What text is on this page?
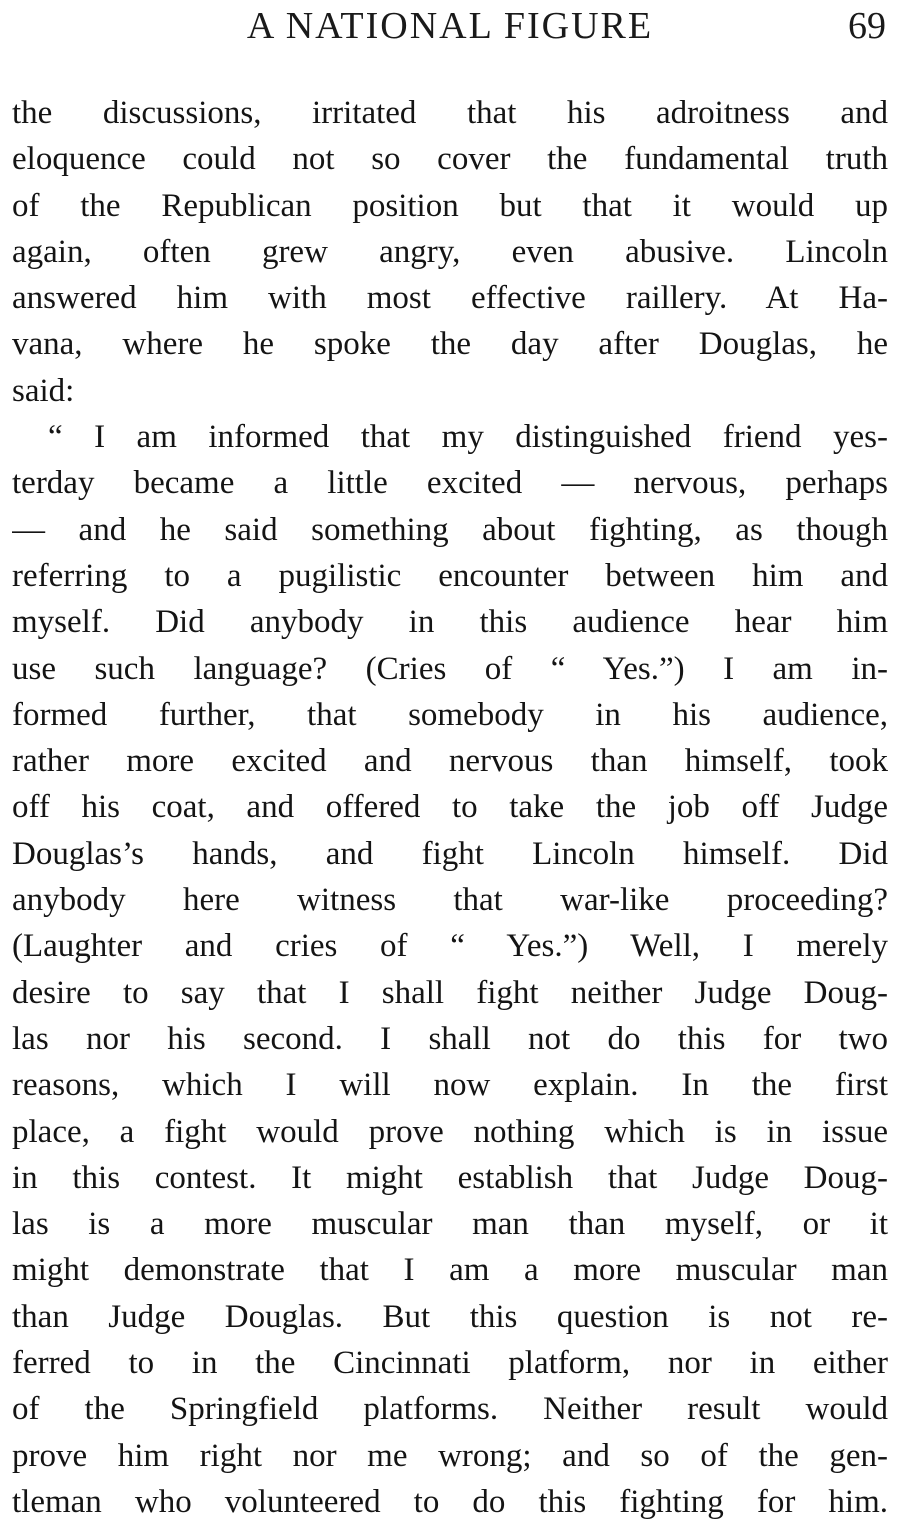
A NATIONAL FIGURE	69
the discussions, irritated that his adroitness and
eloquence could not so cover the fundamental truth
of the Republican position but that it would up
again, often grew angry, even abusive. Lincoln
answered him with most effective raillery. At Ha-
vana, where he spoke the day after Douglas, he
said:
“ I am informed that my distinguished friend yes-
terday became a little excited — nervous, perhaps
— and he said something about fighting, as though
referring to a pugilistic encounter between him and
myself. Did anybody in this audience hear him
use such language? (Cries of “ Yes.”) I am in-
formed further, that somebody in his audience,
rather more excited and nervous than himself, took
off his coat, and offered to take the job off Judge
Douglas’s hands, and fight Lincoln himself. Did
anybody here witness that war-like proceeding?
(Laughter and cries of “ Yes.”) Well, I merely
desire to say that I shall fight neither Judge Doug-
las nor his second. I shall not do this for two
reasons, which I will now explain. In the first
place, a fight would prove nothing which is in issue
in this contest. It might establish that Judge Doug-
las is a more muscular man than myself, or it
might demonstrate that I am a more muscular man
than Judge Douglas. But this question is not re-
ferred to in the Cincinnati platform, nor in either
of the Springfield platforms. Neither result would
prove him right nor me wrong; and so of the gen-
tleman who volunteered to do this fighting for him.
